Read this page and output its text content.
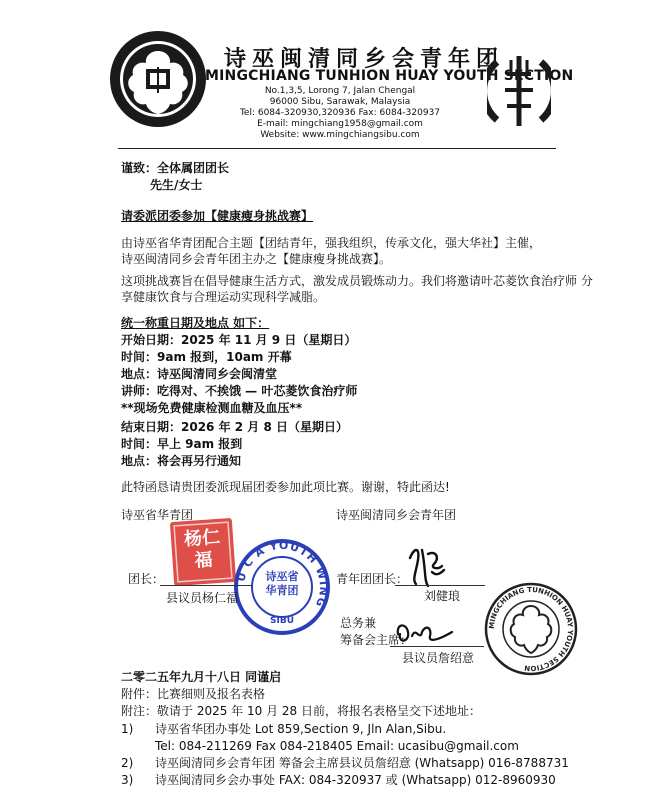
诗巫闽清同乡会青年团
MINGCHIANG TUNHION HUAY YOUTH SECTION
No.1,3,5, Lorong 7, Jalan Chengal
96000 Sibu, Sarawak, Malaysia
Tel: 6084-320930,320936 Fax: 6084-320937
E-mail: mingchiang1958@gmail.com
Website: www.mingchiangsibu.com
谨致：全体属团团长
先生/女士
请委派团委参加【健康瘦身挑战赛】
由诗巫省华青团配合主题【团结青年，强我组织，传承文化，强大华社】主催，
诗巫闽清同乡会青年团主办之【健康瘦身挑战赛】。
这项挑战赛旨在倡导健康生活方式，激发成员锻炼动力。我们将邀请叶芯菱饮食治疗师 分
享健康饮食与合理运动实现科学减脂。
统一称重日期及地点 如下：
开始日期：2025 年 11 月 9 日（星期日）
时间：9am 报到，10am 开幕
地点：诗巫闽清同乡会闽清堂
讲师：吃得对、不挨饿 — 叶芯菱饮食治疗师
**现场免费健康检测血糖及血压**
结束日期：2026 年 2 月 8 日（星期日）
时间：早上 9am 报到
地点：将会再另行通知
此特函恳请贵团委派现届团委参加此项比赛。谢谢，特此函达!
诗巫省华青团
杨仁福
U C A YOUTH WING
诗巫省华青团
SIBU
团长：
县议员杨仁福
诗巫闽清同乡会青年团
青年团团长：
刘健琅
总务兼
筹备会主席：
县议员詹绍意
MINGCHIANG TUNHION HUAY YOUTH SECTION
二零二五年九月十八日 同谨启
附件：比赛细则及报名表格
附注：敬请于 2025 年 10 月 28 日前，将报名表格呈交下述地址：
1) 诗巫省华团办事处 Lot 859,Section 9, Jln Alan,Sibu.
Tel: 084-211269 Fax 084-218405 Email: ucasibu@gmail.com
2) 诗巫闽清同乡会青年团 筹备会主席县议员詹绍意 (Whatsapp) 016-8788731
3) 诗巫闽清同乡会办事处 FAX: 084-320937 或 (Whatsapp) 012-8960930
